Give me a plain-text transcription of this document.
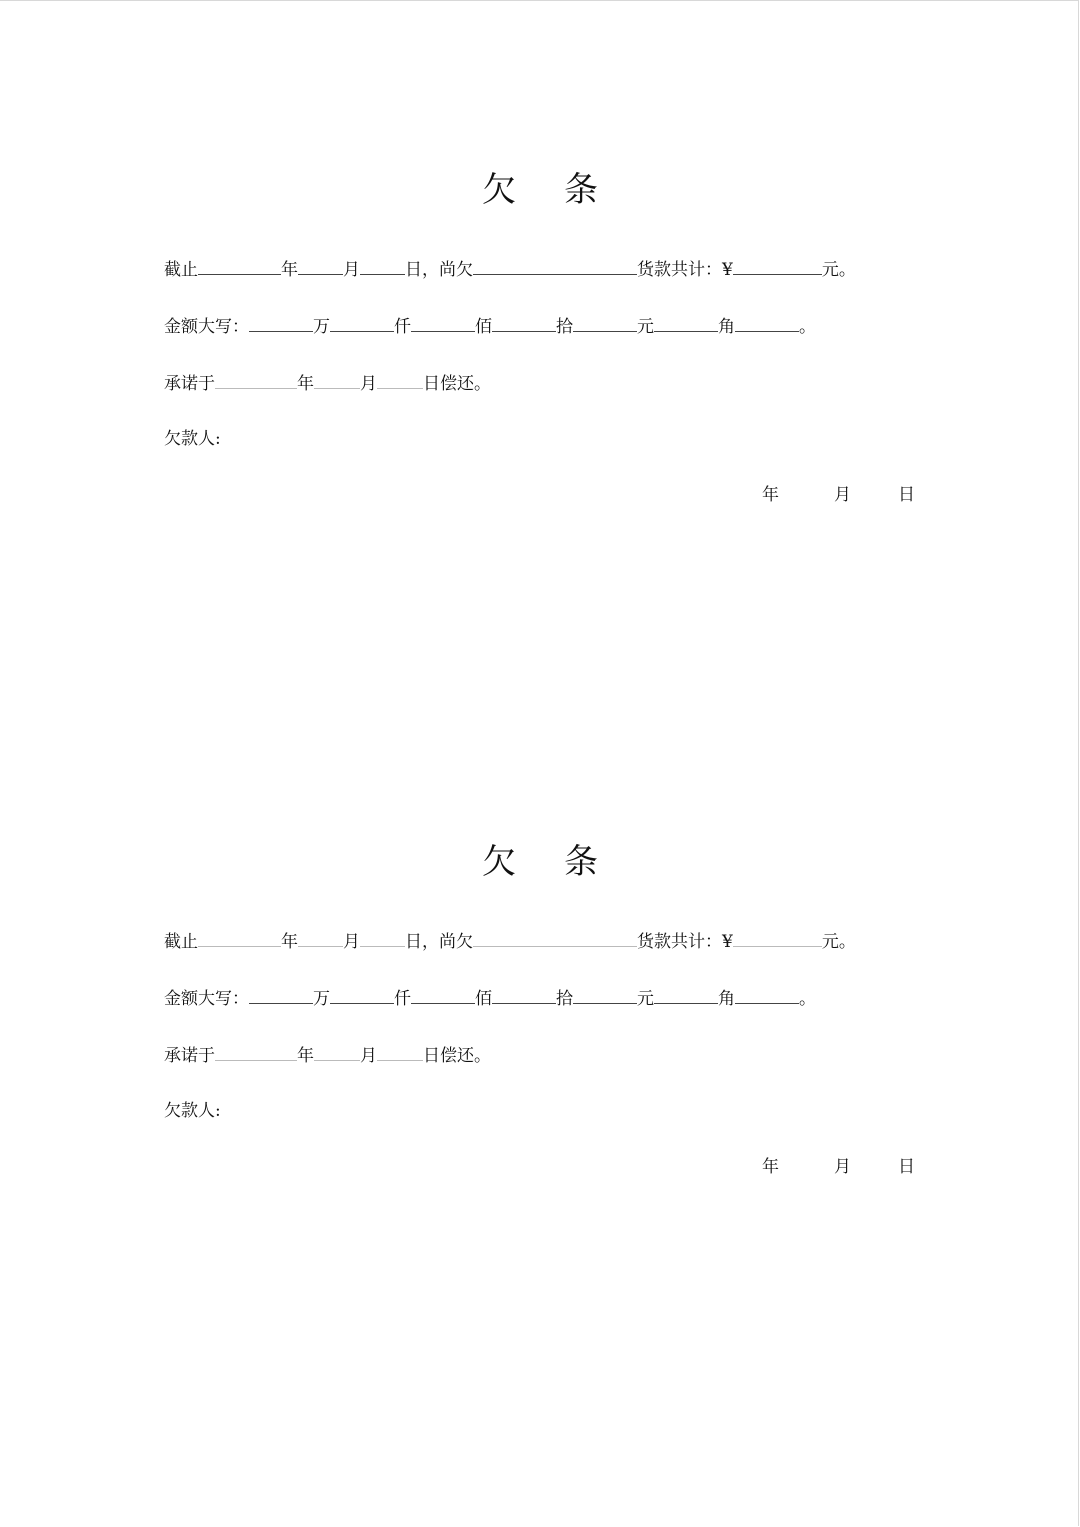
欠 条
截止	年	月	日，尚欠	货款共计：¥	元。
金额大写：	万	仟	佰	拾	元	角	。
承诺于	年	月	日偿还。
欠款人:
年	月	日
欠 条
截止	年	月	日，尚欠	货款共计：¥	元。
金额大写：	万	仟	佰	拾	元	角	。
承诺于	年	月	日偿还。
欠款人:
年	月	日
